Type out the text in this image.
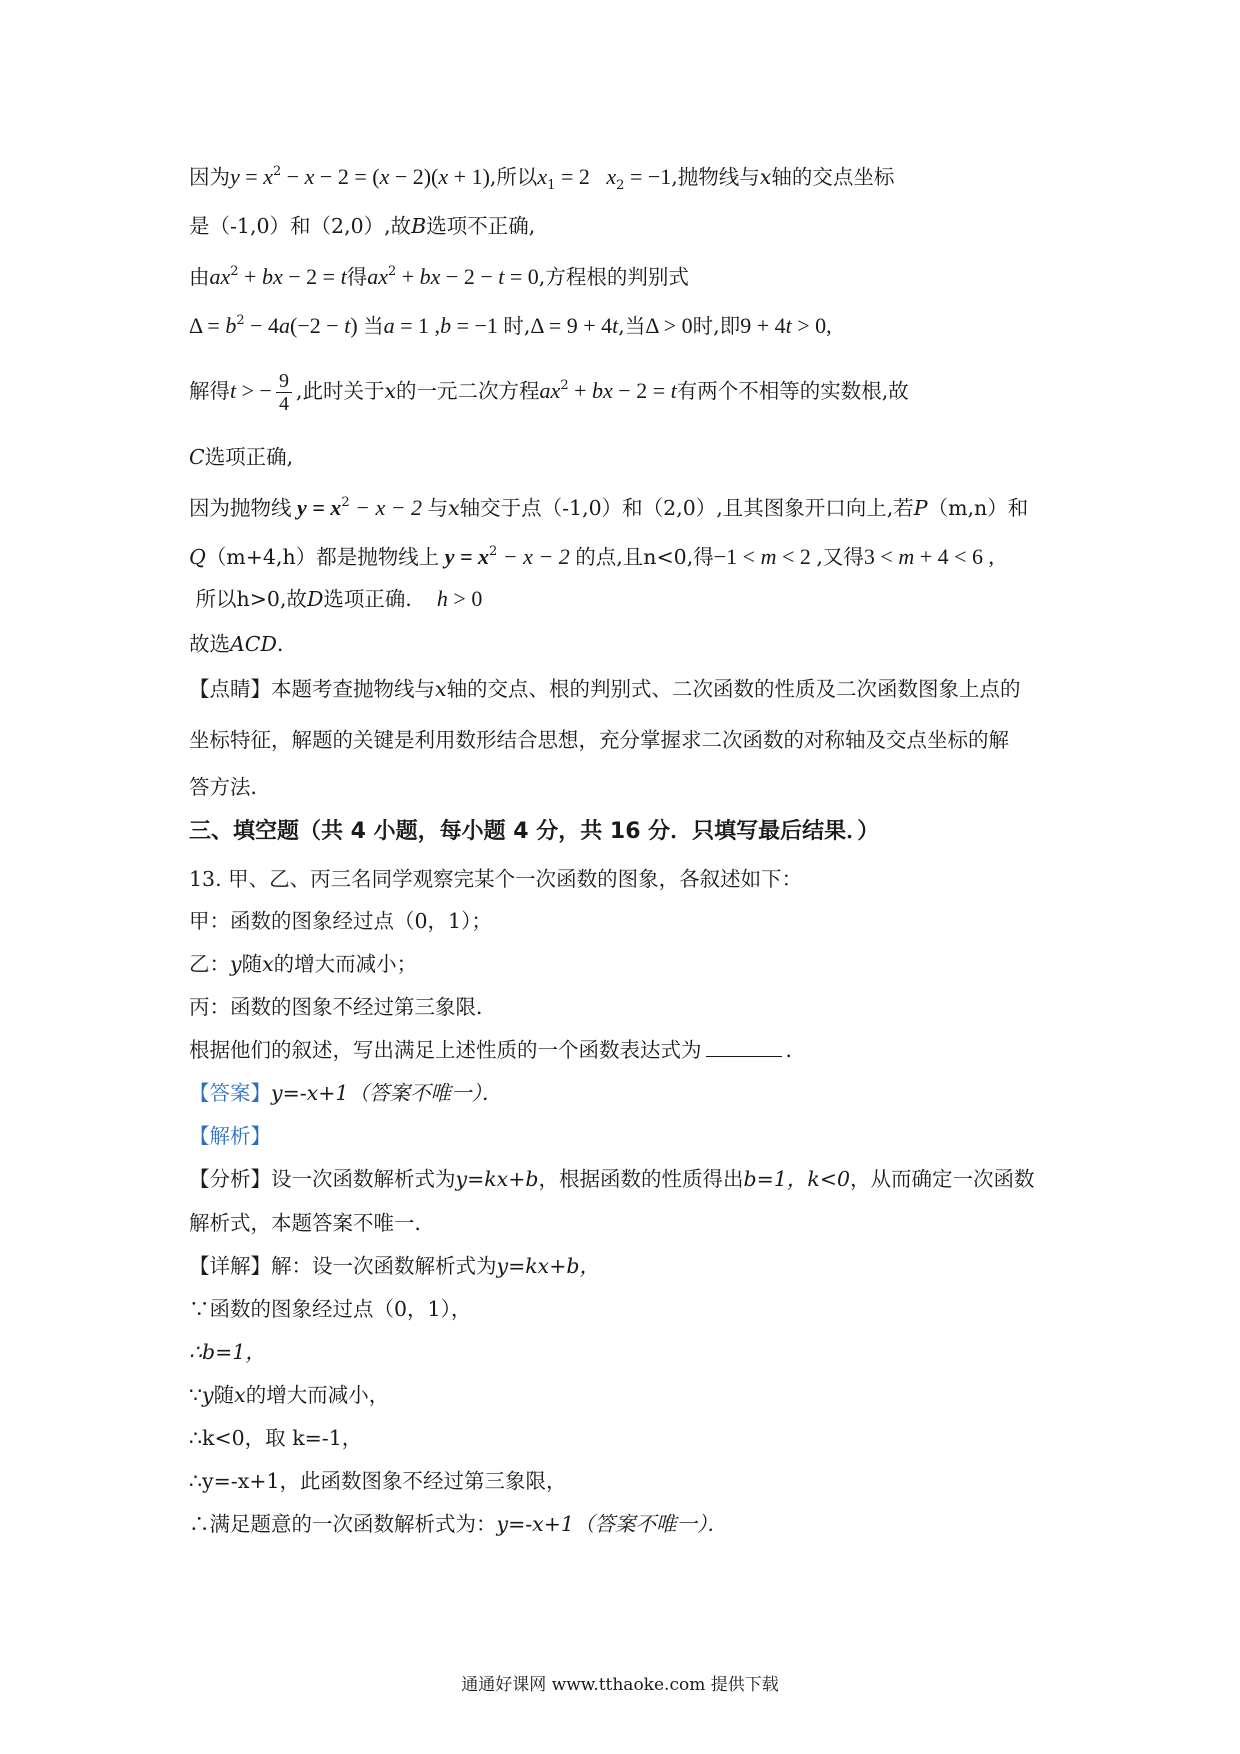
因为$y = x^2 - x - 2 = (x - 2)(x + 1)$,所以$x_1 = 2$   $x_2 = -1$,抛物线与x轴的交点坐标
是（-1,0）和（2,0）,故B选项不正确,
由$ax^2$ + bx − 2 = t得$ax^2$ + bx − 2 − t = 0,方程根的判别式
$\Delta = b^2 - 4a(-2 - t)$ 当a = 1 ,b = −1 时,Δ = 9 + 4t,当Δ > 0时,即9 + 4t > 0,
解得t > − $\frac{9}{4}$ ,此时关于x的一元二次方程$ax^2$ + bx − 2 = t有两个不相等的实数根,故
C选项正确,
因为抛物线 $y = x^2 - x - 2$ 与x轴交于点（-1,0）和（2,0）,且其图象开口向上,若P（m,n）和
Q（m+4,h）都是抛物线上 $y = x^2 - x - 2$ 的点,且n<0,得−1 < m < 2 ,又得3 < m + 4 < 6 ,
所以h>0,故D选项正确． h > 0
故选ACD．
【点睛】本题考查抛物线与x轴的交点、根的判别式、二次函数的性质及二次函数图象上点的
坐标特征，解题的关键是利用数形结合思想，充分掌握求二次函数的对称轴及交点坐标的解
答方法．
三、填空题（共 4 小题，每小题 4 分，共 16 分．只填写最后结果．）
13. 甲、乙、丙三名同学观察完某个一次函数的图象，各叙述如下：
甲：函数的图象经过点（0，1）；
乙：y随x的增大而减小；
丙：函数的图象不经过第三象限．
根据他们的叙述，写出满足上述性质的一个函数表达式为	．
【答案】y=-x+1（答案不唯一）．
【解析】
【分析】设一次函数解析式为y=kx+b，根据函数的性质得出b=1，k<0，从而确定一次函数
解析式，本题答案不唯一．
【详解】解：设一次函数解析式为y=kx+b，
∵函数的图象经过点（0，1），
∴b=1，
∵y随x的增大而减小，
∴k<0，取 k=-1，
∴y=-x+1，此函数图象不经过第三象限，
∴满足题意的一次函数解析式为：y=-x+1（答案不唯一）．
通通好课网 www.tthaoke.com 提供下载
